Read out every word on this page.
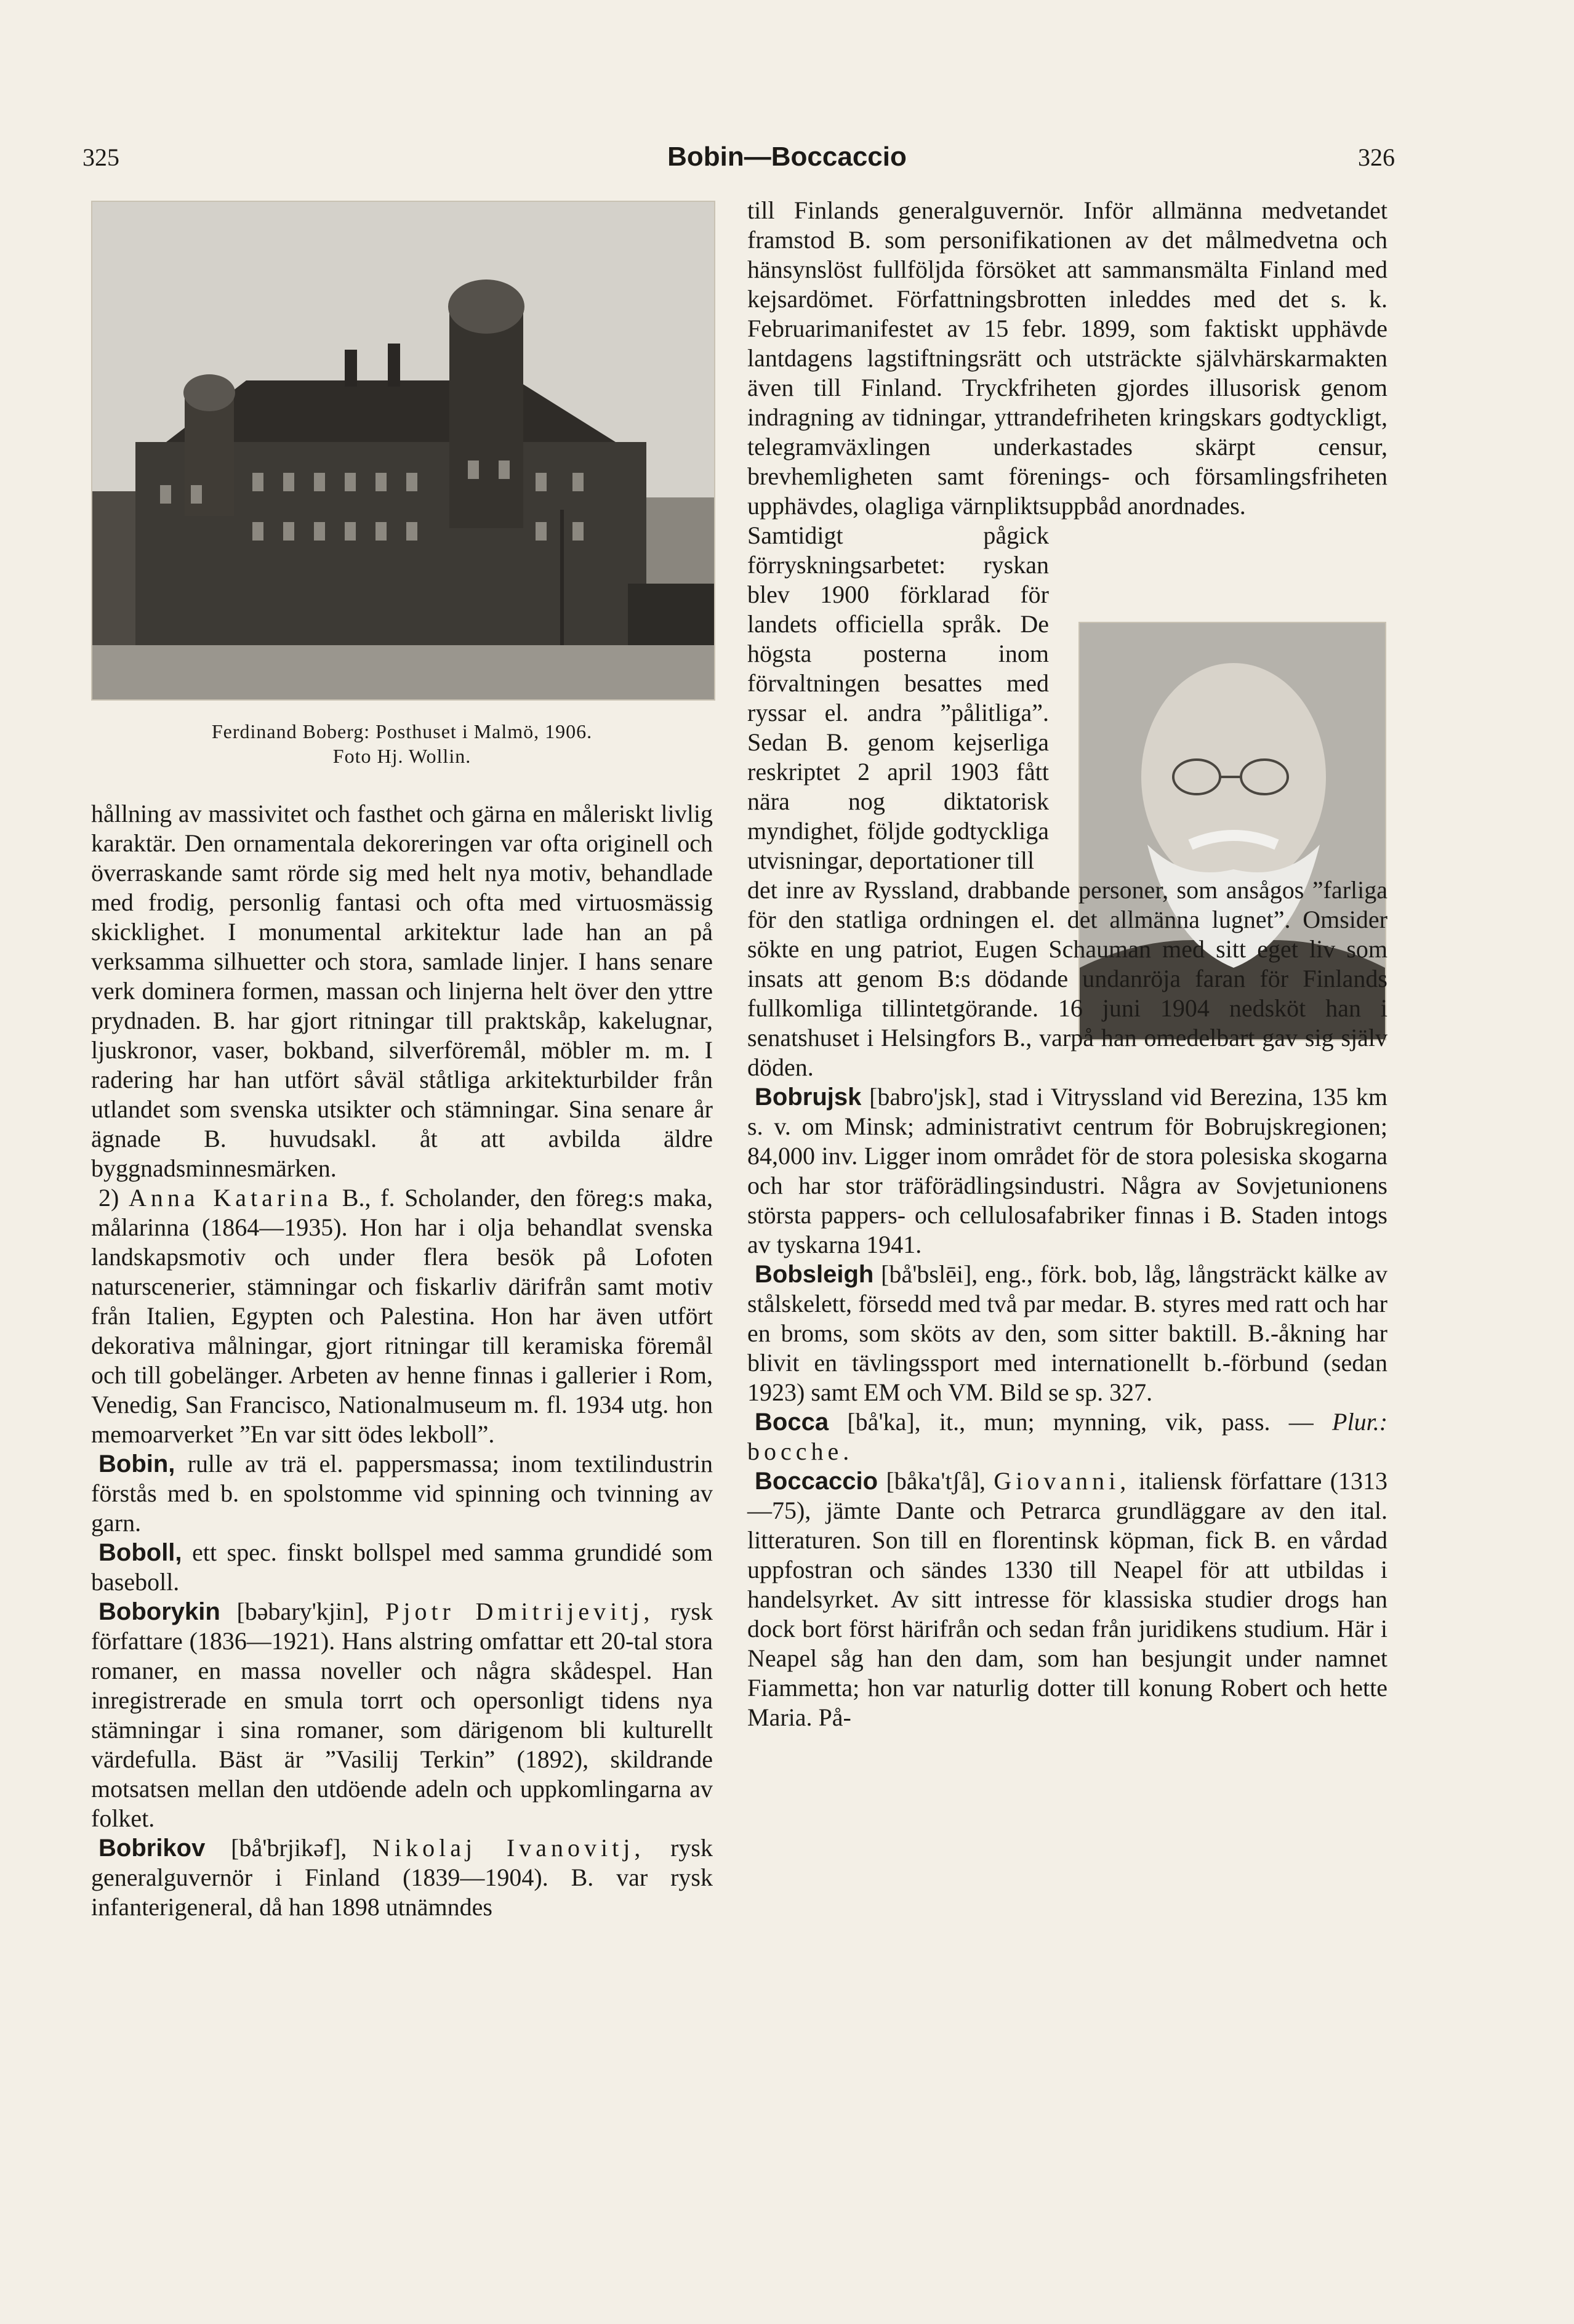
325	Bobin—Boccaccio	326
Ferdinand Boberg: Posthuset i Malmö, 1906.
Foto Hj. Wollin.

hållning av massivitet och fasthet och gärna en måleriskt livlig karaktär. Den ornamentala dekoreringen var ofta originell och överraskande samt rörde sig med helt nya motiv, behandlade med frodig, personlig fantasi och ofta med virtuosmässig skicklighet. I monumental arkitektur lade han an på verksamma silhuetter och stora, samlade linjer. I hans senare verk dominera formen, massan och linjerna helt över den yttre prydnaden. B. har gjort ritningar till praktskåp, kakelugnar, ljuskronor, vaser, bokband, silverföremål, möbler m. m. I radering har han utfört såväl ståtliga arkitekturbilder från utlandet som svenska utsikter och stämningar. Sina senare år ägnade B. huvudsakl. åt att avbilda äldre byggnadsminnesmärken.

2) Anna Katarina B., f. Scholander, den föreg:s maka, målarinna (1864—1935). Hon har i olja behandlat svenska landskapsmotiv och under flera besök på Lofoten naturscenerier, stämningar och fiskarliv därifrån samt motiv från Italien, Egypten och Palestina. Hon har även utfört dekorativa målningar, gjort ritningar till keramiska föremål och till gobelänger. Arbeten av henne finnas i gallerier i Rom, Venedig, San Francisco, Nationalmuseum m. fl. 1934 utg. hon memoarverket ”En var sitt ödes lekboll”.

Bobin, rulle av trä el. pappersmassa; inom textilindustrin förstås med b. en spolstomme vid spinning och tvinning av garn.

Boboll, ett spec. finskt bollspel med samma grundidé som baseboll.

Boborykin [bəbary'kjin], Pjotr Dmitrijevitj, rysk författare (1836—1921). Hans alstring omfattar ett 20-tal stora romaner, en massa noveller och några skådespel. Han inregistrerade en smula torrt och opersonligt tidens nya stämningar i sina romaner, som därigenom bli kulturellt värdefulla. Bäst är ”Vasilij Terkin” (1892), skildrande motsatsen mellan den utdöende adeln och uppkomlingarna av folket.

Bobrikov [bå'brjikəf], Nikolaj Ivanovitj, rysk generalguvernör i Finland (1839—1904). B. var rysk infanterigeneral, då han 1898 utnämndes

till Finlands generalguvernör. Inför allmänna medvetandet framstod B. som personifikationen av det målmedvetna och hänsynslöst fullföljda försöket att sammansmälta Finland med kejsardömet. Författningsbrotten inleddes med det s. k. Februarimanifestet av 15 febr. 1899, som faktiskt upphävde lantdagens lagstiftningsrätt och utsträckte självhärskarmakten även till Finland. Tryckfriheten gjordes illusorisk genom indragning av tidningar, yttrandefriheten kringskars godtyckligt, telegramväxlingen underkastades skärpt censur, brevhemligheten samt förenings- och församlingsfriheten upphävdes, olagliga värnpliktsuppbåd anordnades.

Samtidigt pågick förryskningsarbetet: ryskan blev 1900 förklarad för landets officiella språk. De högsta posterna inom förvaltningen besattes med ryssar el. andra ”pålitliga”. Sedan B. genom kejserliga reskriptet 2 april 1903 fått nära nog diktatorisk myndighet, följde godtyckliga utvisningar, deportationer till

det inre av Ryssland, drabbande personer, som ansågos ”farliga för den statliga ordningen el. det allmänna lugnet”. Omsider sökte en ung patriot, Eugen Schauman med sitt eget liv som insats att genom B:s dödande undanröja faran för Finlands fullkomliga tillintetgörande. 16 juni 1904 nedsköt han i senatshuset i Helsingfors B., varpå han omedelbart gav sig själv döden.

Bobrujsk [babro'jsk], stad i Vitryssland vid Berezina, 135 km s. v. om Minsk; administrativt centrum för Bobrujskregionen; 84,000 inv. Ligger inom området för de stora polesiska skogarna och har stor träförädlingsindustri. Några av Sovjetunionens största pappers- och cellulosafabriker finnas i B. Staden intogs av tyskarna 1941.

Bobsleigh [bå'bslēi], eng., förk. bob, låg, långsträckt kälke av stålskelett, försedd med två par medar. B. styres med ratt och har en broms, som sköts av den, som sitter baktill. B.-åkning har blivit en tävlingssport med internationellt b.-förbund (sedan 1923) samt EM och VM. Bild se sp. 327.

Bocca [bå'ka], it., mun; mynning, vik, pass. — Plur.: bocche.

Boccaccio [båka'tʃå], Giovanni, italiensk författare (1313—75), jämte Dante och Petrarca grundläggare av den ital. litteraturen. Son till en florentinsk köpman, fick B. en vårdad uppfostran och sändes 1330 till Neapel för att utbildas i handelsyrket. Av sitt intresse för klassiska studier drogs han dock bort först härifrån och sedan från juridikens studium. Här i Neapel såg han den dam, som han besjungit under namnet Fiammetta; hon var naturlig dotter till konung Robert och hette Maria. På-
